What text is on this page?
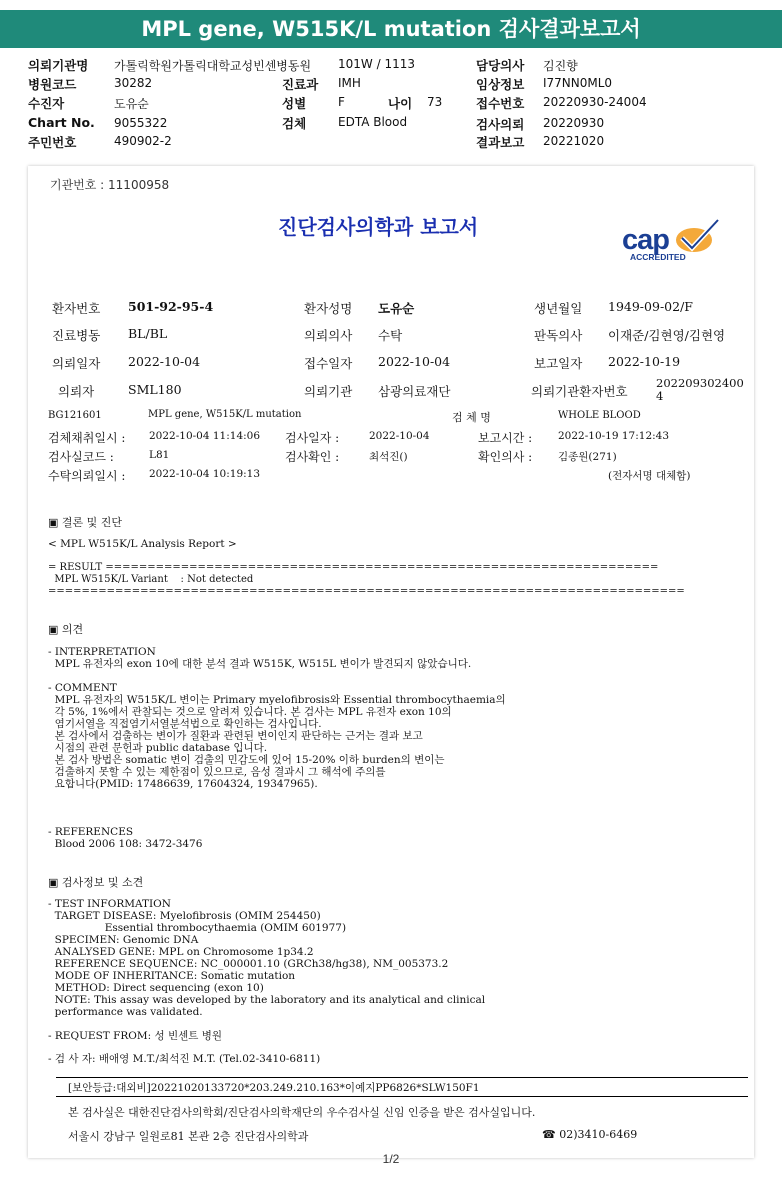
MPL gene, W515K/L mutation 검사결과보고서
의뢰기관명 가톨릭학원가톨릭대학교성빈센병동원 101W / 1113	담당의사 김진향
병원코드	30282	진료과 IMH	임상정보 I77NN0ML0
수진자	도유순	성별	F	나이 73	접수번호 20220930-24004
Chart No. 9055322	검체	EDTA Blood	검사의뢰 20220930
주민번호	490902-2	결과보고 20221020
기관번호 : 11100958
진단검사의학과 보고서	cap
ACCREDITED
환자번호 501-92-95-4	환자성명 도유순	생년월일 1949-09-02/F
진료병동 BL/BL	의뢰의사 수탁	판독의사 이재준/김현영/김현영
의뢰일자 2022-10-04	접수일자 2022-10-04	보고일자 2022-10-19
의뢰자	SML180	의뢰기관 삼광의료재단	의뢰기관환자번호
202209302400
4
BG121601	MPL gene, W515K/L mutation	검 체 명	WHOLE BLOOD
검체채취일시 : 2022-10-04 11:14:06 검사일자 :	2022-10-04	보고시간 : 2022-10-19 17:12:43
검사실코드 :	L81	검사확인 :	최석진()	확인의사 : 김종원(271)
수탁의뢰일시 : 2022-10-04 10:19:13	(전자서명 대체함)
▣ 결론 및 진단
< MPL W515K/L Analysis Report >
= RESULT ==================================================================
MPL W515K/L Variant    : Not detected
============================================================================
▣ 의견
- INTERPRETATION
MPL 유전자의 exon 10에 대한 분석 결과 W515K, W515L 변이가 발견되지 않았습니다.
- COMMENT
MPL 유전자의 W515K/L 변이는 Primary myelofibrosis와 Essential thrombocythaemia의
각 5%, 1%에서 관찰되는 것으로 알려져 있습니다. 본 검사는 MPL 유전자 exon 10의
염기서열을 직접염기서열분석법으로 확인하는 검사입니다.
본 검사에서 검출하는 변이가 질환과 관련된 변이인지 판단하는 근거는 결과 보고
시점의 관련 문헌과 public database 입니다.
본 검사 방법은 somatic 변이 검출의 민감도에 있어 15-20% 이하 burden의 변이는
검출하지 못할 수 있는 제한점이 있으므로, 음성 결과시 그 해석에 주의를
요합니다(PMID: 17486639, 17604324, 19347965).
- REFERENCES
Blood 2006 108: 3472-3476
▣ 검사정보 및 소견
- TEST INFORMATION
TARGET DISEASE: Myelofibrosis (OMIM 254450)
Essential thrombocythaemia (OMIM 601977)
SPECIMEN: Genomic DNA
ANALYSED GENE: MPL on Chromosome 1p34.2
REFERENCE SEQUENCE: NC_000001.10 (GRCh38/hg38), NM_005373.2
MODE OF INHERITANCE: Somatic mutation
METHOD: Direct sequencing (exon 10)
NOTE: This assay was developed by the laboratory and its analytical and clinical
performance was validated.
- REQUEST FROM: 성 빈센트 병원
- 검 사 자: 배애영 M.T./최석진 M.T. (Tel.02-3410-6811)
[보안등급:대외비]20221020133720*203.249.210.163*이예지PP6826*SLW150F1
본 검사실은 대한진단검사의학회/진단검사의학재단의 우수검사실 신임 인증을 받은 검사실입니다.
서울시 강남구 일원로81 본관 2층 진단검사의학과	☎ 02)3410-6469
1/2
